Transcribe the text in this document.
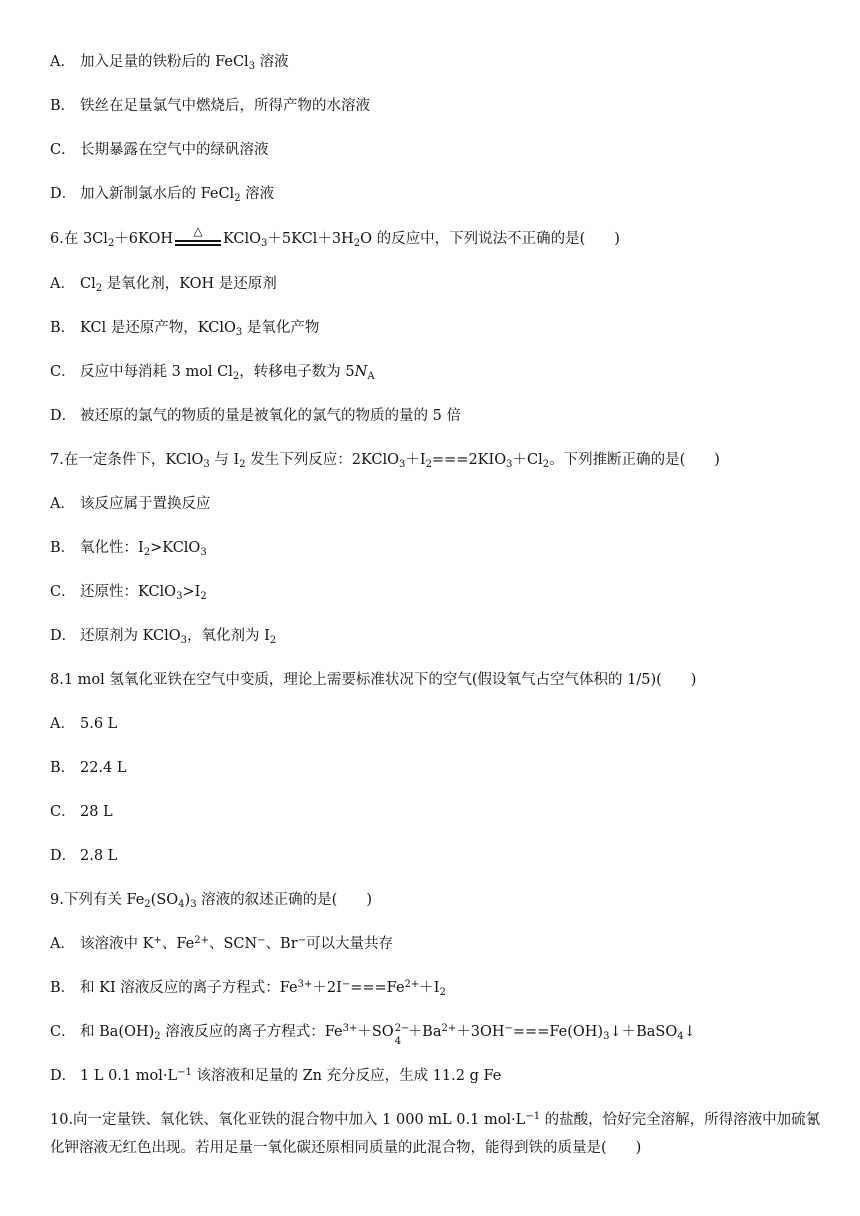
A． 加入足量的铁粉后的 FeCl$_3$ 溶液
B． 铁丝在足量氯气中燃烧后，所得产物的水溶液
C． 长期暴露在空气中的绿矾溶液
D． 加入新制氯水后的 FeCl$_2$ 溶液
6.在 $3Cl_2+6KOH$	△	$KClO_3+5KCl+3H_2O$ 的反应中，下列说法不正确的是(　　)
A． $Cl_2$ 是氧化剂，KOH 是还原剂
B． KCl 是还原产物，KClO$_3$ 是氧化产物
C． 反应中每消耗 3 mol $Cl_2$，转移电子数为 $5N_A$
D． 被还原的氯气的物质的量是被氧化的氯气的物质的量的 5 倍
7.在一定条件下，KClO$_3$ 与 $I_2$ 发生下列反应：$2KClO_3+I_2===2KIO_3+Cl_2$。下列推断正确的是(　　)
A． 该反应属于置换反应
B． 氧化性：$I_2>KClO_3$
C． 还原性：$KClO_3>I_2$
D． 还原剂为 KClO$_3$，氧化剂为 $I_2$
8.1 mol 氢氧化亚铁在空气中变质，理论上需要标准状况下的空气(假设氧气占空气体积的 1/5)(　　)
A． 5.6 L
B． 22.4 L
C． 28 L
D． 2.8 L
9.下列有关 $Fe_2(SO_4)_3$ 溶液的叙述正确的是(　　)
A． 该溶液中 K+、$Fe^{2+}$、SCN−、Br−可以大量共存
B． 和 KI 溶液反应的离子方程式：$Fe^{3+}+2I^-===Fe^{2+}+I_2$
C． 和 $Ba(OH)_2$ 溶液反应的离子方程式：$Fe^{3+}+SO$ 2−
4
$+Ba^{2+}+3OH^-===Fe(OH)_3↓+BaSO_4↓$
D． 1 L 0.1 $mol\cdot L^{-1}$ 该溶液和足量的 Zn 充分反应，生成 11.2 g Fe
10.向一定量铁、氧化铁、氧化亚铁的混合物中加入 1 000 mL 0.1 $mol\cdot L^{-1}$ 的盐酸，恰好完全溶解，所得溶液中加硫氰化钾溶液无红色出现。若用足量一氧化碳还原相同质量的此混合物，能得到铁的质量是(　　)
